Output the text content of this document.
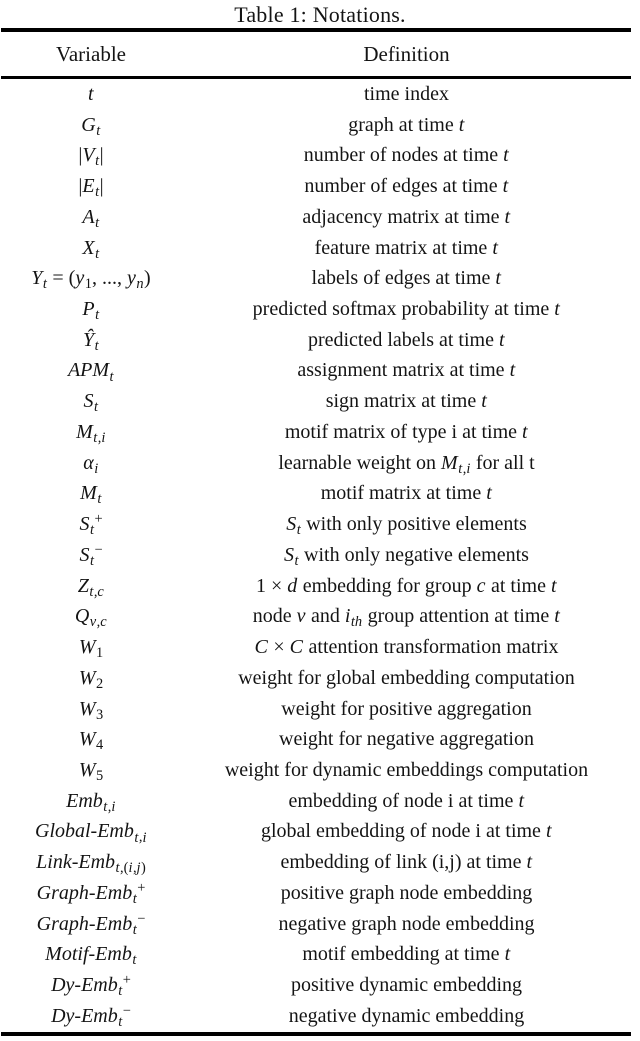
Table 1: Notations.
Variable	Definition
t	time index
$G_t$	graph at time t
$|V_t|$	number of nodes at time t
$|E_t|$	number of edges at time t
$A_t$	adjacency matrix at time t
$X_t$	feature matrix at time t
$Y_t = (y_1$, ..., $y_n$)	labels of edges at time t
$P_t$	predicted softmax probability at time t
$Ŷ_t$	predicted labels at time t
$APM_t$	assignment matrix at time t
$S_t$	sign matrix at time t
$M_{t,i}$	motif matrix of type i at time t
$\alpha_i$	learnable weight on $M_{t,i}$ for all t
$M_t$	motif matrix at time t
$S_t^+$	$S_t$ with only positive elements
$S_t^-$	$S_t$ with only negative elements
$Z_{t,c}$	1 × d embedding for group c at time t
$Q_{v,c}$	node v and $i_{th}$ group attention at time t
$W_1$	C × C attention transformation matrix
$W_2$	weight for global embedding computation
$W_3$	weight for positive aggregation
$W_4$	weight for negative aggregation
$W_5$	weight for dynamic embeddings computation
Emb$_{t,i}$	embedding of node i at time t
Global-Emb$_{t,i}$	global embedding of node i at time t
Link-Emb$_{t,(i,j)}$	embedding of link (i,j) at time t
Graph-Emb$_t$+	positive graph node embedding
Graph-Emb$_t$−	negative graph node embedding
Motif-Emb$_t$	motif embedding at time t
Dy-Emb$_t$+	positive dynamic embedding
Dy-Emb$_t$−	negative dynamic embedding
